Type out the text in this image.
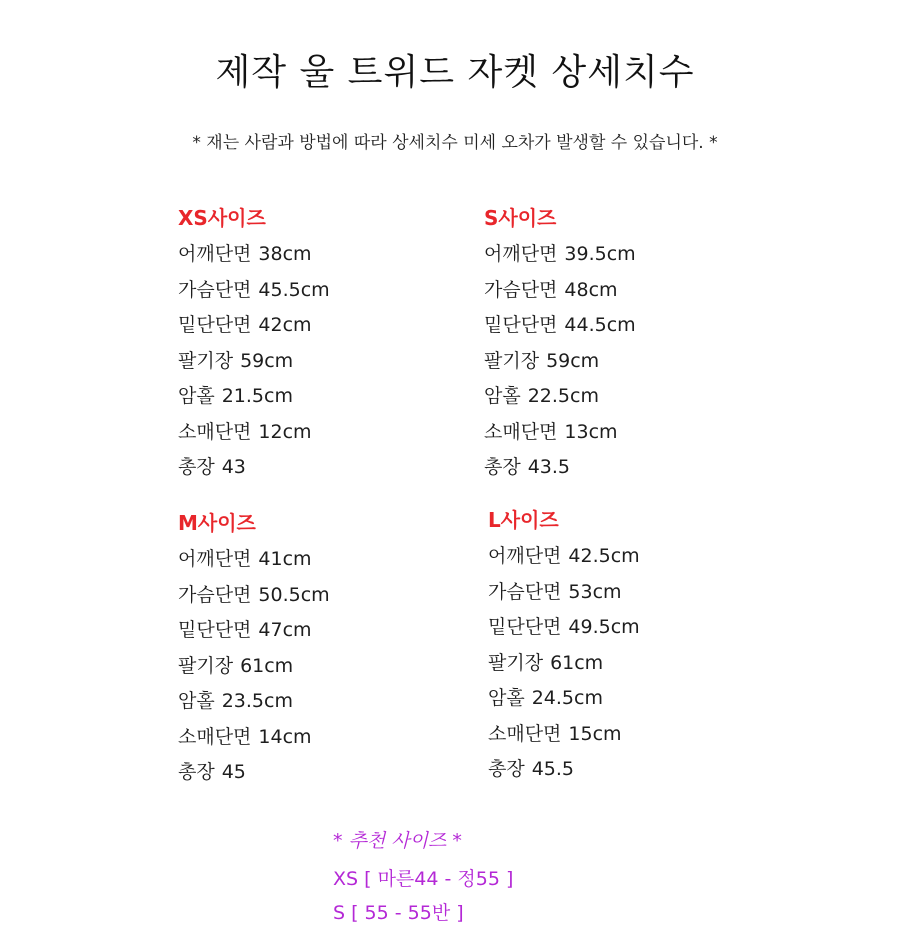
제작 울 트위드 자켓 상세치수
* 재는 사람과 방법에 따라 상세치수 미세 오차가 발생할 수 있습니다. *
XS사이즈
어깨단면 38cm
가슴단면 45.5cm
밑단단면 42cm
팔기장 59cm
암홀 21.5cm
소매단면 12cm
총장 43
S사이즈
어깨단면 39.5cm
가슴단면 48cm
밑단단면 44.5cm
팔기장 59cm
암홀 22.5cm
소매단면 13cm
총장 43.5
M사이즈
어깨단면 41cm
가슴단면 50.5cm
밑단단면 47cm
팔기장 61cm
암홀 23.5cm
소매단면 14cm
총장 45
L사이즈
어깨단면 42.5cm
가슴단면 53cm
밑단단면 49.5cm
팔기장 61cm
암홀 24.5cm
소매단면 15cm
총장 45.5
* 추천 사이즈 *
XS [ 마른44 - 정55 ]
S [ 55 - 55반 ]
